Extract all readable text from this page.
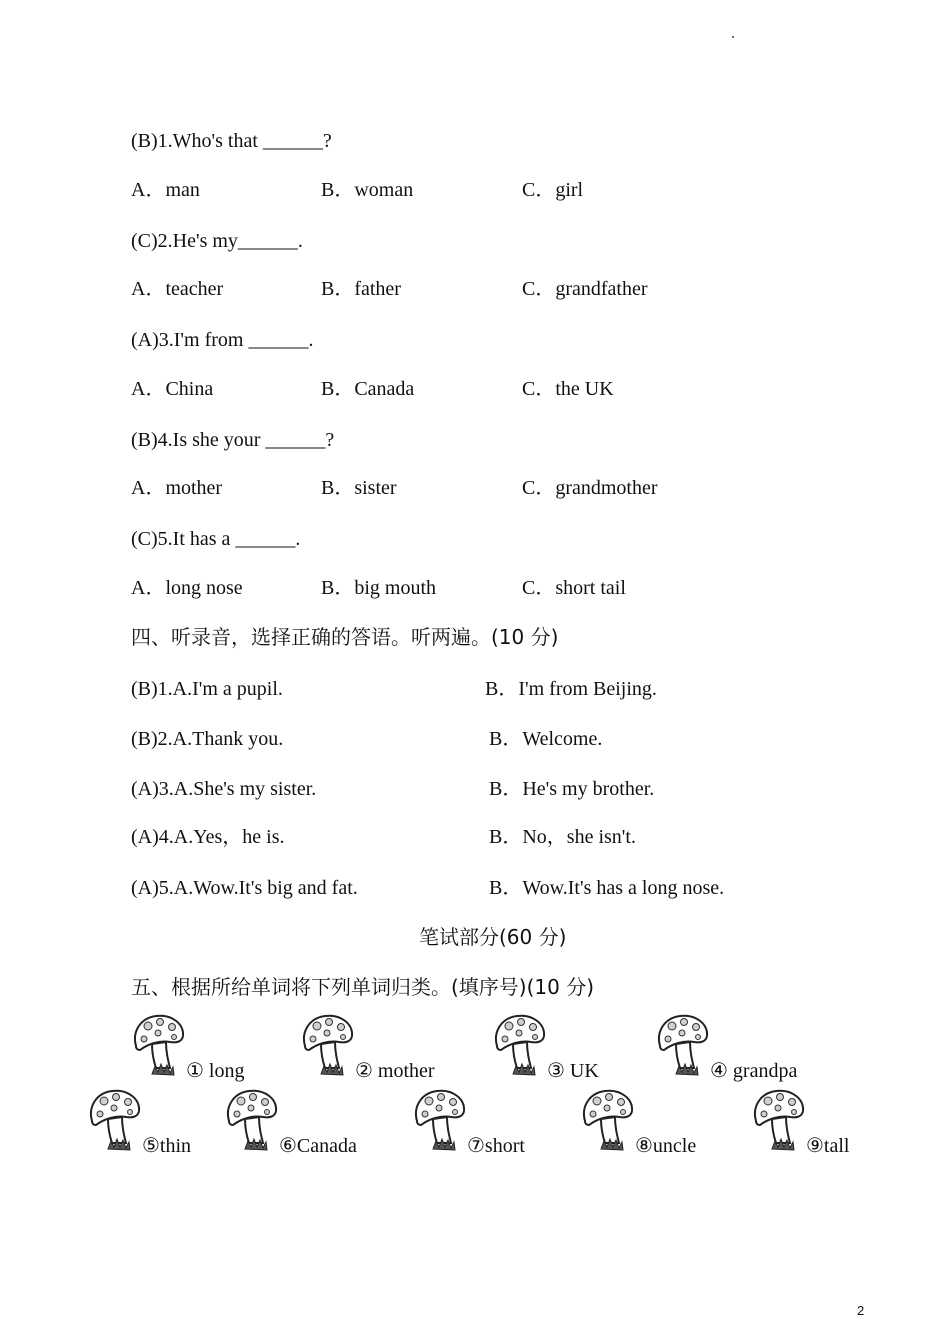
(B)1.Who's that ______?
A．man	B．woman	C．girl
(C)2.He's my______.
A．teacher	B．father	C．grandfather
(A)3.I'm from ______.
A．China	B．Canada	C．the UK
(B)4.Is she your ______?
A．mother	B．sister	C．grandmother
(C)5.It has a ______.
A．long nose	B．big mouth	C．short tail
四、听录音，选择正确的答语。听两遍。(10 分)
(B)1.A.I'm a pupil.	B．I'm from Beijing.
(B)2.A.Thank you.	B．Welcome.
(A)3.A.She's my sister.	B．He's my brother.
(A)4.A.Yes，he is.	B．No，she isn't.
(A)5.A.Wow.It's big and fat.	B．Wow.It's has a long nose.
笔试部分(60 分)
五、根据所给单词将下列单词归类。(填序号)(10 分)
① long	② mother	③ UK	④ grandpa
⑤thin	⑥Canada	⑦short	⑧uncle	⑨tall
2
